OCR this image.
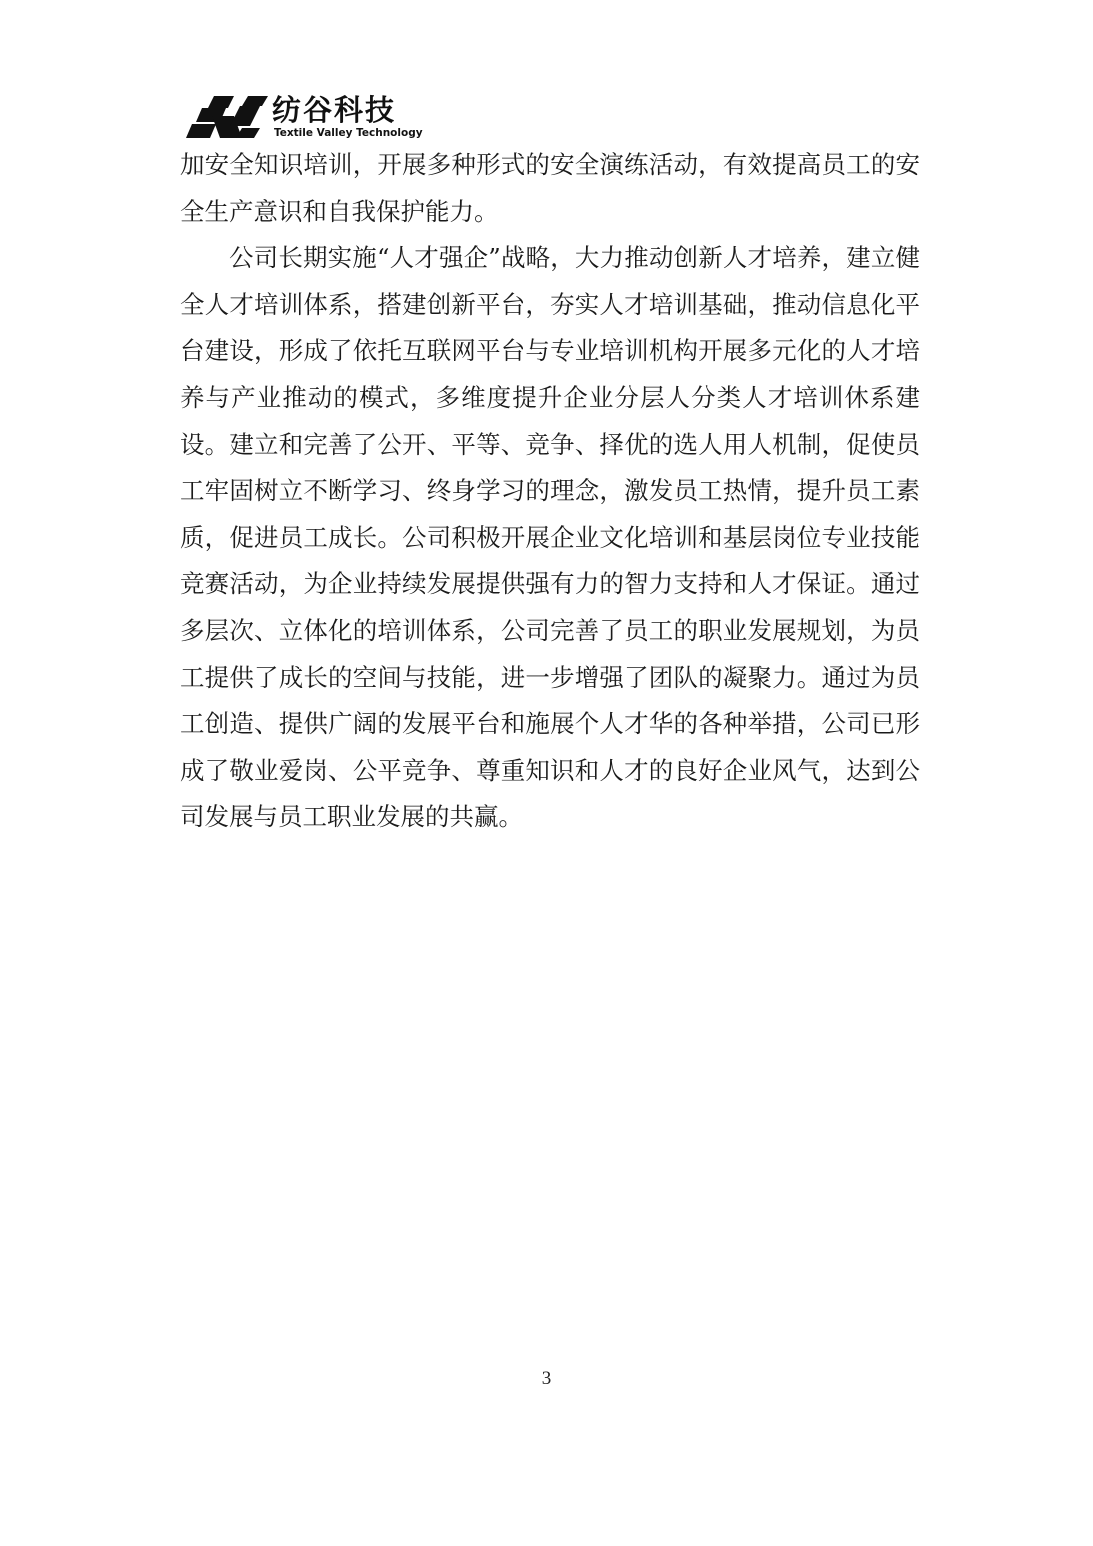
纺谷科技
Textile Valley Technology

加安全知识培训，开展多种形式的安全演练活动，有效提高员工的安全生产意识和自我保护能力。

公司长期实施“人才强企”战略，大力推动创新人才培养，建立健全人才培训体系，搭建创新平台，夯实人才培训基础，推动信息化平台建设，形成了依托互联网平台与专业培训机构开展多元化的人才培养与产业推动的模式，多维度提升企业分层人分类人才培训休系建设。建立和完善了公开、平等、竞争、择优的选人用人机制，促使员工牢固树立不断学习、终身学习的理念，激发员工热情，提升员工素质，促进员工成长。公司积极开展企业文化培训和基层岗位专业技能竞赛活动，为企业持续发展提供强有力的智力支持和人才保证。通过多层次、立体化的培训体系，公司完善了员工的职业发展规划，为员工提供了成长的空间与技能，进一步增强了团队的凝聚力。通过为员工创造、提供广阔的发展平台和施展个人才华的各种举措，公司已形成了敬业爱岗、公平竞争、尊重知识和人才的良好企业风气，达到公司发展与员工职业发展的共赢。

3
